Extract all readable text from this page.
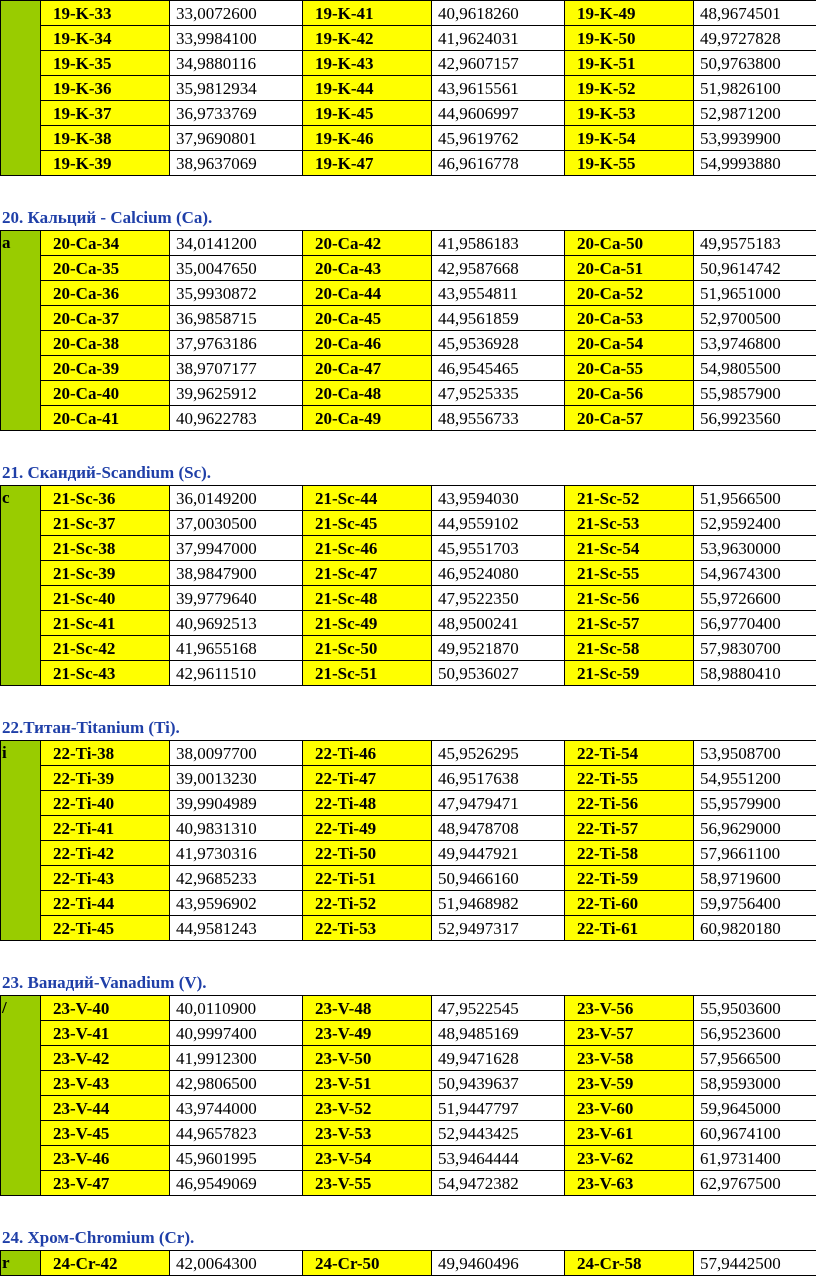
	19-K-33	33,0072600	19-K-41	40,9618260	19-K-49	48,9674501
	19-K-34	33,9984100	19-K-42	41,9624031	19-K-50	49,9727828
	19-K-35	34,9880116	19-K-43	42,9607157	19-K-51	50,9763800
	19-K-36	35,9812934	19-K-44	43,9615561	19-K-52	51,9826100
	19-K-37	36,9733769	19-K-45	44,9606997	19-K-53	52,9871200
	19-K-38	37,9690801	19-K-46	45,9619762	19-K-54	53,9939900
	19-K-39	38,9637069	19-K-47	46,9616778	19-K-55	54,9993880
20. Кальций - Calcium (Ca).
a	20-Ca-34	34,0141200	20-Ca-42	41,9586183	20-Ca-50	49,9575183
	20-Ca-35	35,0047650	20-Ca-43	42,9587668	20-Ca-51	50,9614742
	20-Ca-36	35,9930872	20-Ca-44	43,9554811	20-Ca-52	51,9651000
	20-Ca-37	36,9858715	20-Ca-45	44,9561859	20-Ca-53	52,9700500
	20-Ca-38	37,9763186	20-Ca-46	45,9536928	20-Ca-54	53,9746800
	20-Ca-39	38,9707177	20-Ca-47	46,9545465	20-Ca-55	54,9805500
	20-Ca-40	39,9625912	20-Ca-48	47,9525335	20-Ca-56	55,9857900
	20-Ca-41	40,9622783	20-Ca-49	48,9556733	20-Ca-57	56,9923560
21. Скандий-Scandium (Sc).
c	21-Sc-36	36,0149200	21-Sc-44	43,9594030	21-Sc-52	51,9566500
	21-Sc-37	37,0030500	21-Sc-45	44,9559102	21-Sc-53	52,9592400
	21-Sc-38	37,9947000	21-Sc-46	45,9551703	21-Sc-54	53,9630000
	21-Sc-39	38,9847900	21-Sc-47	46,9524080	21-Sc-55	54,9674300
	21-Sc-40	39,9779640	21-Sc-48	47,9522350	21-Sc-56	55,9726600
	21-Sc-41	40,9692513	21-Sc-49	48,9500241	21-Sc-57	56,9770400
	21-Sc-42	41,9655168	21-Sc-50	49,9521870	21-Sc-58	57,9830700
	21-Sc-43	42,9611510	21-Sc-51	50,9536027	21-Sc-59	58,9880410
22.Титан-Titanium (Ti).
i	22-Ti-38	38,0097700	22-Ti-46	45,9526295	22-Ti-54	53,9508700
	22-Ti-39	39,0013230	22-Ti-47	46,9517638	22-Ti-55	54,9551200
	22-Ti-40	39,9904989	22-Ti-48	47,9479471	22-Ti-56	55,9579900
	22-Ti-41	40,9831310	22-Ti-49	48,9478708	22-Ti-57	56,9629000
	22-Ti-42	41,9730316	22-Ti-50	49,9447921	22-Ti-58	57,9661100
	22-Ti-43	42,9685233	22-Ti-51	50,9466160	22-Ti-59	58,9719600
	22-Ti-44	43,9596902	22-Ti-52	51,9468982	22-Ti-60	59,9756400
	22-Ti-45	44,9581243	22-Ti-53	52,9497317	22-Ti-61	60,9820180
23. Ванадий-Vanadium (V).
/	23-V-40	40,0110900	23-V-48	47,9522545	23-V-56	55,9503600
	23-V-41	40,9997400	23-V-49	48,9485169	23-V-57	56,9523600
	23-V-42	41,9912300	23-V-50	49,9471628	23-V-58	57,9566500
	23-V-43	42,9806500	23-V-51	50,9439637	23-V-59	58,9593000
	23-V-44	43,9744000	23-V-52	51,9447797	23-V-60	59,9645000
	23-V-45	44,9657823	23-V-53	52,9443425	23-V-61	60,9674100
	23-V-46	45,9601995	23-V-54	53,9464444	23-V-62	61,9731400
	23-V-47	46,9549069	23-V-55	54,9472382	23-V-63	62,9767500
24. Хром-Chromium (Cr).
r	24-Cr-42	42,0064300	24-Cr-50	49,9460496	24-Cr-58	57,9442500
